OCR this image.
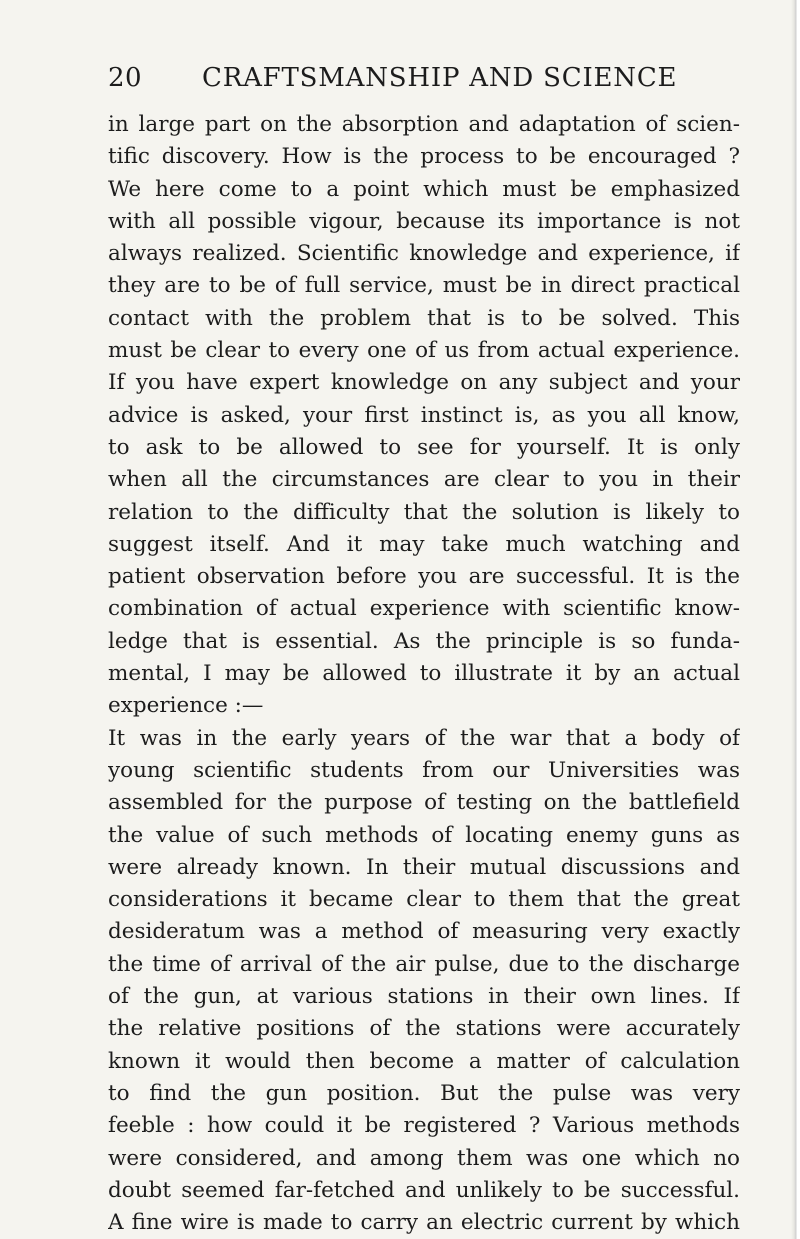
20 CRAFTSMANSHIP AND SCIENCE
in large part on the absorption and adaptation of scien-
tific discovery. How is the process to be encouraged ?
We here come to a point which must be emphasized
with all possible vigour, because its importance is not
always realized. Scientific knowledge and experience, if
they are to be of full service, must be in direct practical
contact with the problem that is to be solved. This
must be clear to every one of us from actual experience.
If you have expert knowledge on any subject and your
advice is asked, your first instinct is, as you all know,
to ask to be allowed to see for yourself. It is only
when all the circumstances are clear to you in their
relation to the difficulty that the solution is likely to
suggest itself. And it may take much watching and
patient observation before you are successful. It is the
combination of actual experience with scientific know-
ledge that is essential. As the principle is so funda-
mental, I may be allowed to illustrate it by an actual
experience :—
It was in the early years of the war that a body of
young scientific students from our Universities was
assembled for the purpose of testing on the battlefield
the value of such methods of locating enemy guns as
were already known. In their mutual discussions and
considerations it became clear to them that the great
desideratum was a method of measuring very exactly
the time of arrival of the air pulse, due to the discharge
of the gun, at various stations in their own lines. If
the relative positions of the stations were accurately
known it would then become a matter of calculation
to find the gun position. But the pulse was very
feeble : how could it be registered ? Various methods
were considered, and among them was one which no
doubt seemed far-fetched and unlikely to be successful.
A fine wire is made to carry an electric current by which
